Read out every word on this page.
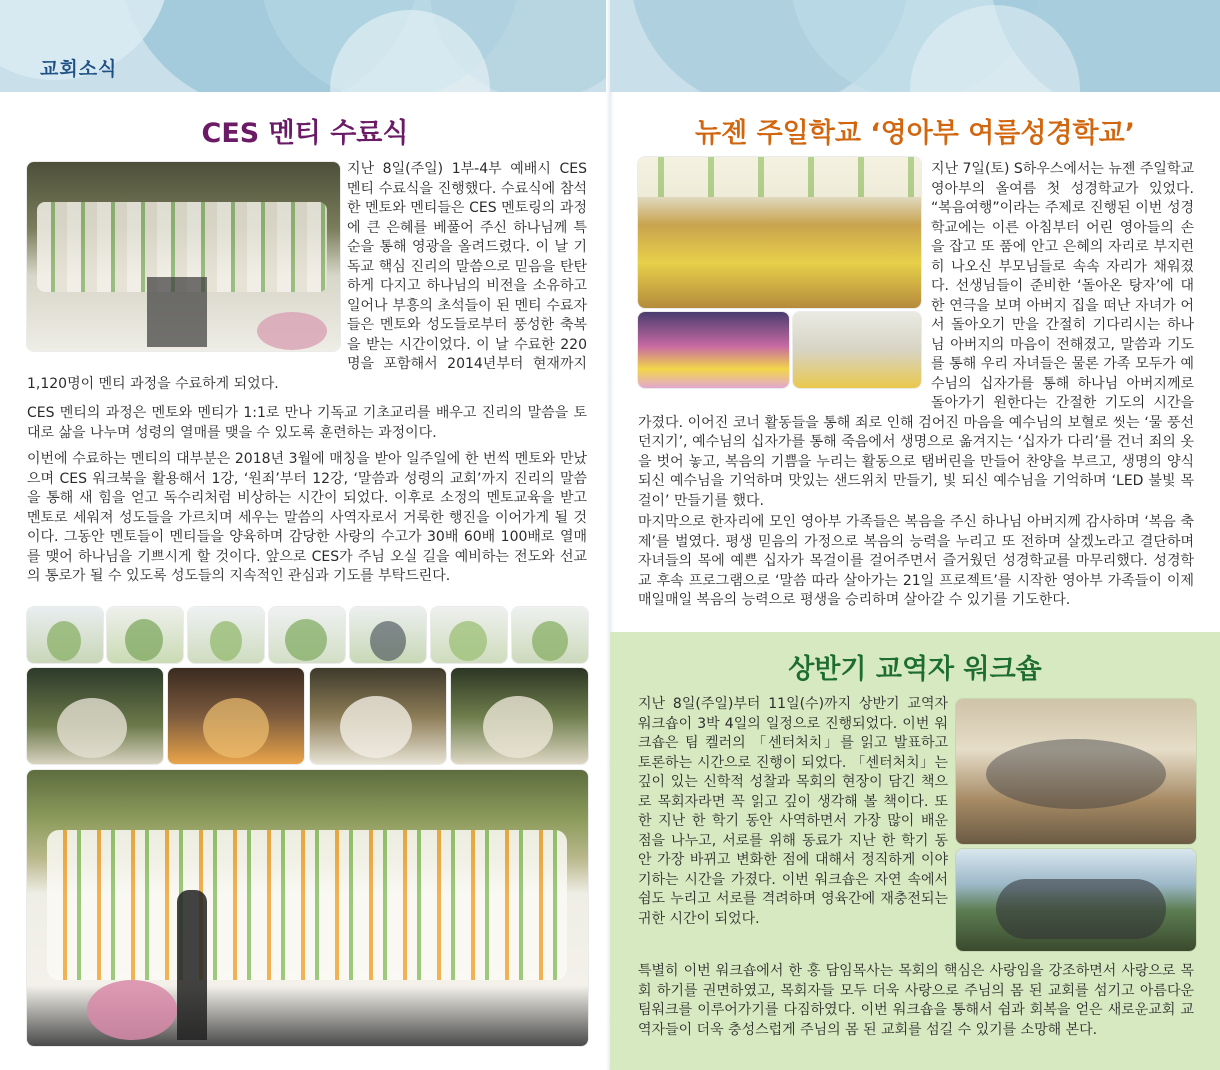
교회소식
CES 멘티 수료식

지난 8일(주일) 1부-4부 예배시 CES 멘티 수료식을 진행했다. 수료식에 참석한 멘토와 멘티들은 CES 멘토링의 과정에 큰 은혜를 베풀어 주신 하나님께 특순을 통해 영광을 올려드렸다. 이 날 기독교 핵심 진리의 말씀으로 믿음을 탄탄하게 다지고 하나님의 비전을 소유하고 일어나 부흥의 초석들이 된 멘티 수료자들은 멘토와 성도들로부터 풍성한 축복을 받는 시간이었다. 이 날 수료한 220명을 포함해서 2014년부터 현재까지 1,120명이 멘티 과정을 수료하게 되었다.

CES 멘티의 과정은 멘토와 멘티가 1:1로 만나 기독교 기초교리를 배우고 진리의 말씀을 토대로 삶을 나누며 성령의 열매를 맺을 수 있도록 훈련하는 과정이다.

이번에 수료하는 멘티의 대부분은 2018년 3월에 매칭을 받아 일주일에 한 번씩 멘토와 만났으며 CES 워크북을 활용해서 1강, ‘원죄’부터 12강, ‘말씀과 성령의 교회’까지 진리의 말씀을 통해 새 힘을 얻고 독수리처럼 비상하는 시간이 되었다. 이후로 소정의 멘토교육을 받고 멘토로 세워져 성도들을 가르치며 세우는 말씀의 사역자로서 거룩한 행진을 이어가게 될 것이다. 그동안 멘토들이 멘티들을 양육하며 감당한 사랑의 수고가 30배 60배 100배로 열매를 맺어 하나님을 기쁘시게 할 것이다. 앞으로 CES가 주님 오실 길을 예비하는 전도와 선교의 통로가 될 수 있도록 성도들의 지속적인 관심과 기도를 부탁드린다.

뉴젠 주일학교 ‘영아부 여름성경학교’

지난 7일(토) S하우스에서는 뉴젠 주일학교 영아부의 올여름 첫 성경학교가 있었다. “복음여행”이라는 주제로 진행된 이번 성경학교에는 이른 아침부터 어린 영아들의 손을 잡고 또 품에 안고 은혜의 자리로 부지런히 나오신 부모님들로 속속 자리가 채워졌다. 선생님들이 준비한 ‘돌아온 탕자’에 대한 연극을 보며 아버지 집을 떠난 자녀가 어서 돌아오기 만을 간절히 기다리시는 하나님 아버지의 마음이 전해졌고, 말씀과 기도를 통해 우리 자녀들은 물론 가족 모두가 예수님의 십자가를 통해 하나님 아버지께로 돌아가기 원한다는 간절한 기도의 시간을 가졌다. 이어진 코너 활동들을 통해 죄로 인해 검어진 마음을 예수님의 보혈로 씻는 ‘물 풍선 던지기’, 예수님의 십자가를 통해 죽음에서 생명으로 옮겨지는 ‘십자가 다리’를 건너 죄의 옷을 벗어 놓고, 복음의 기쁨을 누리는 활동으로 탬버린을 만들어 찬양을 부르고, 생명의 양식되신 예수님을 기억하며 맛있는 샌드위치 만들기, 빛 되신 예수님을 기억하며 ‘LED 불빛 목걸이’ 만들기를 했다.

마지막으로 한자리에 모인 영아부 가족들은 복음을 주신 하나님 아버지께 감사하며 ‘복음 축제’를 벌였다. 평생 믿음의 가정으로 복음의 능력을 누리고 또 전하며 살겠노라고 결단하며 자녀들의 목에 예쁜 십자가 목걸이를 걸어주면서 즐거웠던 성경학교를 마무리했다. 성경학교 후속 프로그램으로 ‘말씀 따라 살아가는 21일 프로젝트’를 시작한 영아부 가족들이 이제 매일매일 복음의 능력으로 평생을 승리하며 살아갈 수 있기를 기도한다.

상반기 교역자 워크숍

지난 8일(주일)부터 11일(수)까지 상반기 교역자 워크숍이 3박 4일의 일정으로 진행되었다. 이번 워크숍은 팀 켈러의 「센터처치」를 읽고 발표하고 토론하는 시간으로 진행이 되었다. 「센터처치」는 깊이 있는 신학적 성찰과 목회의 현장이 담긴 책으로 목회자라면 꼭 읽고 깊이 생각해 볼 책이다. 또한 지난 한 학기 동안 사역하면서 가장 많이 배운 점을 나누고, 서로를 위해 동료가 지난 한 학기 동안 가장 바뀌고 변화한 점에 대해서 정직하게 이야기하는 시간을 가졌다. 이번 워크숍은 자연 속에서 쉼도 누리고 서로를 격려하며 영육간에 재충전되는 귀한 시간이 되었다.

특별히 이번 워크숍에서 한 홍 담임목사는 목회의 핵심은 사랑임을 강조하면서 사랑으로 목회 하기를 권면하였고, 목회자들 모두 더욱 사랑으로 주님의 몸 된 교회를 섬기고 아름다운 팀워크를 이루어가기를 다짐하였다. 이번 워크숍을 통해서 쉼과 회복을 얻은 새로운교회 교역자들이 더욱 충성스럽게 주님의 몸 된 교회를 섬길 수 있기를 소망해 본다.
